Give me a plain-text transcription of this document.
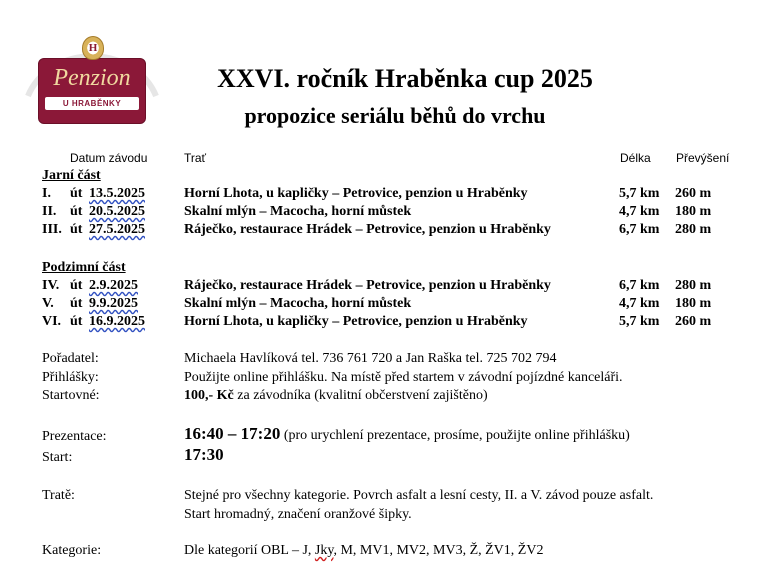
Penzion
U HRABĚNKY
H
XXVI. ročník Hraběnka cup 2025
propozice seriálu běhů do vrchu
Datum závodu	Trať	Délka Převýšení
Jarní část
I. út 13.5.2025	Horní Lhota, u kapličky – Petrovice, penzion u Hraběnky	5,7 km 260 m
II. út 20.5.2025	Skalní mlýn – Macocha, horní můstek	4,7 km 180 m
III. út 27.5.2025	Ráječko, restaurace Hrádek – Petrovice, penzion u Hraběnky	6,7 km 280 m
Podzimní část
IV. út 2.9.2025	Ráječko, restaurace Hrádek – Petrovice, penzion u Hraběnky	6,7 km 280 m
V. út 9.9.2025	Skalní mlýn – Macocha, horní můstek	4,7 km 180 m
VI. út 16.9.2025	Horní Lhota, u kapličky – Petrovice, penzion u Hraběnky	5,7 km 260 m
Pořadatel:	Michaela Havlíková tel. 736 761 720 a Jan Raška tel. 725 702 794
Přihlášky:	Použijte online přihlášku. Na místě před startem v závodní pojízdné kanceláři.
Startovné:	100,- Kč za závodníka (kvalitní občerstvení zajištěno)
Prezentace:	16:40 – 17:20 (pro urychlení prezentace, prosíme, použijte online přihlášku)
Start:	17:30
Tratě:	Stejné pro všechny kategorie. Povrch asfalt a lesní cesty, II. a V. závod pouze asfalt.
Start hromadný, značení oranžové šipky.
Kategorie:	Dle kategorií OBL – J, Jky, M, MV1, MV2, MV3, Ž, ŽV1, ŽV2
